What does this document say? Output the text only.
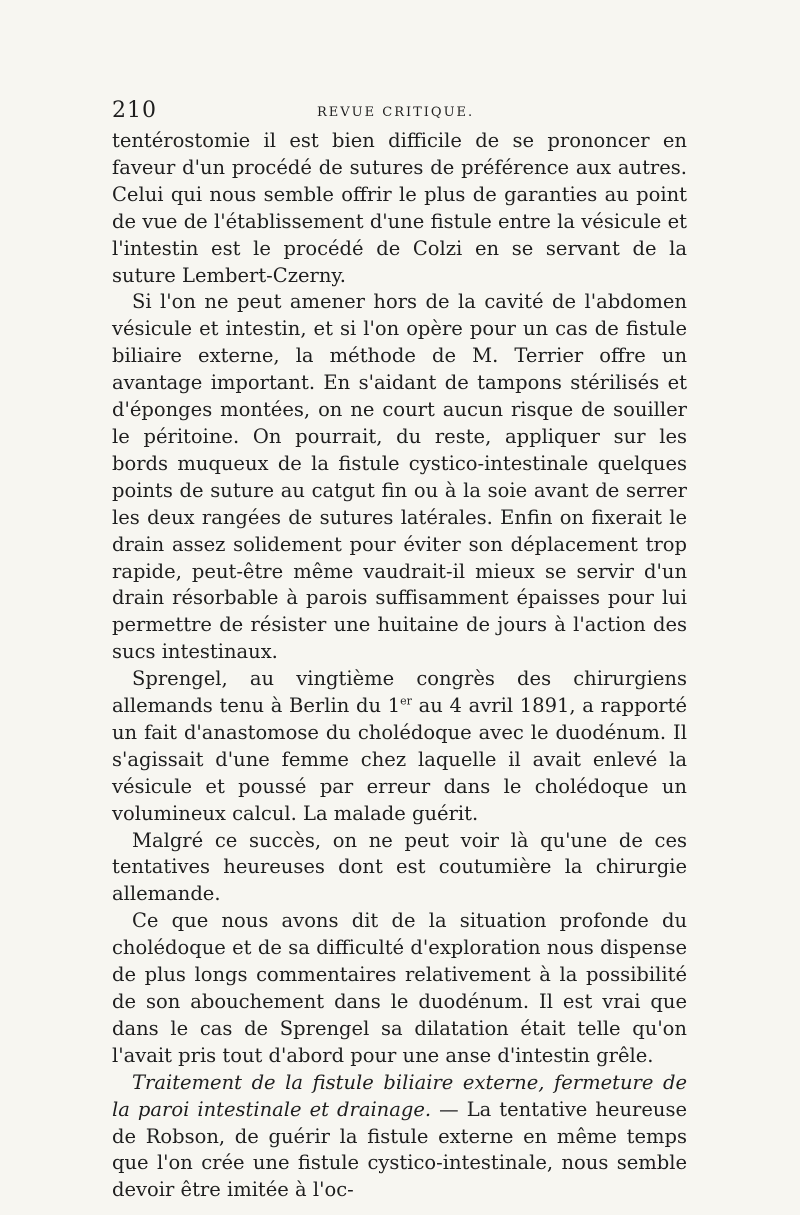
210	REVUE CRITIQUE.

tentérostomie il est bien difficile de se prononcer en faveur d'un procédé de sutures de préférence aux autres. Celui qui nous semble offrir le plus de garanties au point de vue de l'établissement d'une fistule entre la vésicule et l'intestin est le procédé de Colzi en se servant de la suture Lembert-Czerny.

Si l'on ne peut amener hors de la cavité de l'abdomen vésicule et intestin, et si l'on opère pour un cas de fistule biliaire externe, la méthode de M. Terrier offre un avantage important. En s'aidant de tampons stérilisés et d'éponges montées, on ne court aucun risque de souiller le péritoine. On pourrait, du reste, appliquer sur les bords muqueux de la fistule cystico-intestinale quelques points de suture au catgut fin ou à la soie avant de serrer les deux rangées de sutures latérales. Enfin on fixerait le drain assez solidement pour éviter son déplacement trop rapide, peut-être même vaudrait-il mieux se servir d'un drain résorbable à parois suffisamment épaisses pour lui permettre de résister une huitaine de jours à l'action des sucs intestinaux.

Sprengel, au vingtième congrès des chirurgiens allemands tenu à Berlin du 1er au 4 avril 1891, a rapporté un fait d'anastomose du cholédoque avec le duodénum. Il s'agissait d'une femme chez laquelle il avait enlevé la vésicule et poussé par erreur dans le cholédoque un volumineux calcul. La malade guérit.

Malgré ce succès, on ne peut voir là qu'une de ces tentatives heureuses dont est coutumière la chirurgie allemande.

Ce que nous avons dit de la situation profonde du cholédoque et de sa difficulté d'exploration nous dispense de plus longs commentaires relativement à la possibilité de son abouchement dans le duodénum. Il est vrai que dans le cas de Sprengel sa dilatation était telle qu'on l'avait pris tout d'abord pour une anse d'intestin grêle.

Traitement de la fistule biliaire externe, fermeture de la paroi intestinale et drainage. — La tentative heureuse de Robson, de guérir la fistule externe en même temps que l'on crée une fistule cystico-intestinale, nous semble devoir être imitée à l'oc-
